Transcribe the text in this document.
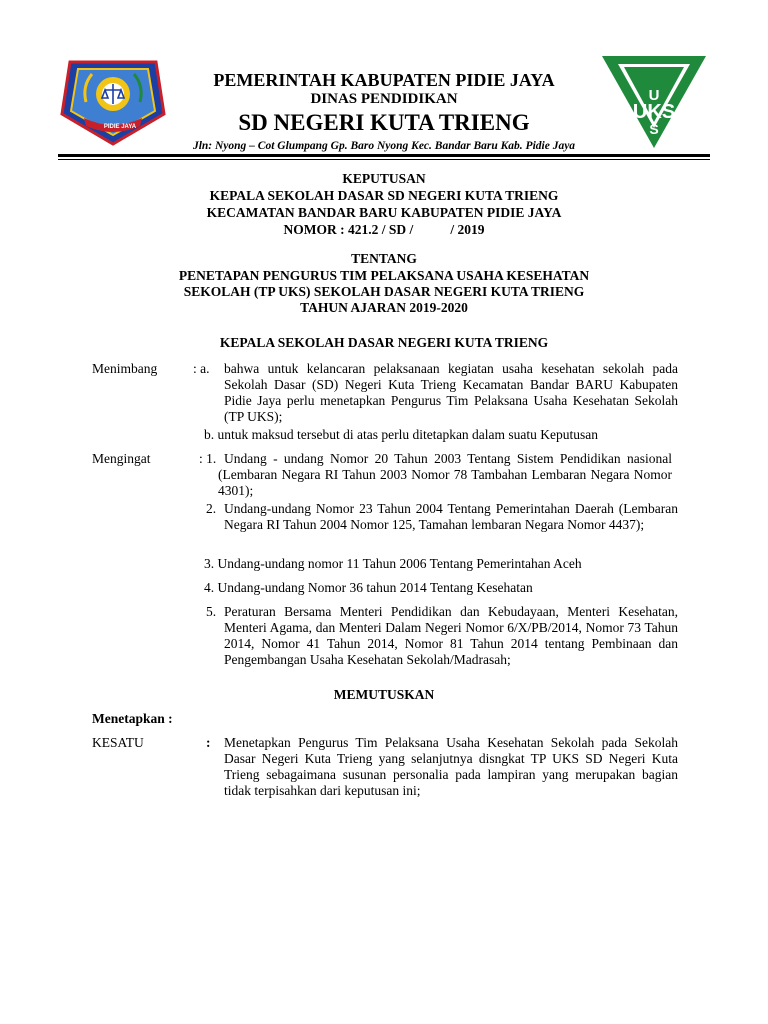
PIDIE JAYA
PEMERINTAH KABUPATEN PIDIE JAYA
DINAS PENDIDIKAN
SD NEGERI KUTA TRIENG
Jln: Nyong – Cot Glumpang Gp. Baro Nyong Kec. Bandar Baru Kab. Pidie Jaya
U
UKS
S
KEPUTUSAN
KEPALA SEKOLAH DASAR SD NEGERI KUTA TRIENG
KECAMATAN BANDAR BARU KABUPATEN PIDIE JAYA
NOMOR : 421.2 / SD /           / 2019
TENTANG
PENETAPAN PENGURUS TIM PELAKSANA USAHA KESEHATAN
SEKOLAH (TP UKS) SEKOLAH DASAR NEGERI KUTA TRIENG
TAHUN AJARAN 2019-2020
KEPALA SEKOLAH DASAR NEGERI KUTA TRIENG
Menimbang	: a. bahwa untuk kelancaran pelaksanaan kegiatan usaha kesehatan sekolah pada Sekolah Dasar (SD) Negeri Kuta Trieng Kecamatan Bandar BARU Kabupaten Pidie Jaya perlu menetapkan Pengurus Tim Pelaksana Usaha Kesehatan Sekolah (TP UKS);
b. untuk maksud tersebut di atas perlu ditetapkan dalam suatu Keputusan
Mengingat	: 1. Undang - undang Nomor 20 Tahun 2003 Tentang Sistem Pendidikan nasional (Lembaran Negara RI Tahun 2003 Nomor 78 Tambahan Lembaran Negara Nomor 4301);
2. Undang-undang Nomor 23 Tahun 2004 Tentang Pemerintahan Daerah (Lembaran Negara RI Tahun 2004 Nomor 125, Tamahan lembaran Negara Nomor 4437);
3. Undang-undang nomor 11 Tahun 2006 Tentang Pemerintahan Aceh
4. Undang-undang Nomor 36 tahun 2014 Tentang Kesehatan
5. Peraturan Bersama Menteri Pendidikan dan Kebudayaan, Menteri Kesehatan, Menteri Agama, dan Menteri Dalam Negeri Nomor 6/X/PB/2014, Nomor 73 Tahun 2014, Nomor 41 Tahun 2014, Nomor 81 Tahun 2014 tentang Pembinaan dan Pengembangan Usaha Kesehatan Sekolah/Madrasah;
MEMUTUSKAN
Menetapkan :
KESATU	: Menetapkan Pengurus Tim Pelaksana Usaha Kesehatan Sekolah pada Sekolah Dasar Negeri Kuta Trieng yang selanjutnya disngkat TP UKS SD Negeri Kuta Trieng sebagaimana susunan personalia pada lampiran yang merupakan bagian tidak terpisahkan dari keputusan ini;
